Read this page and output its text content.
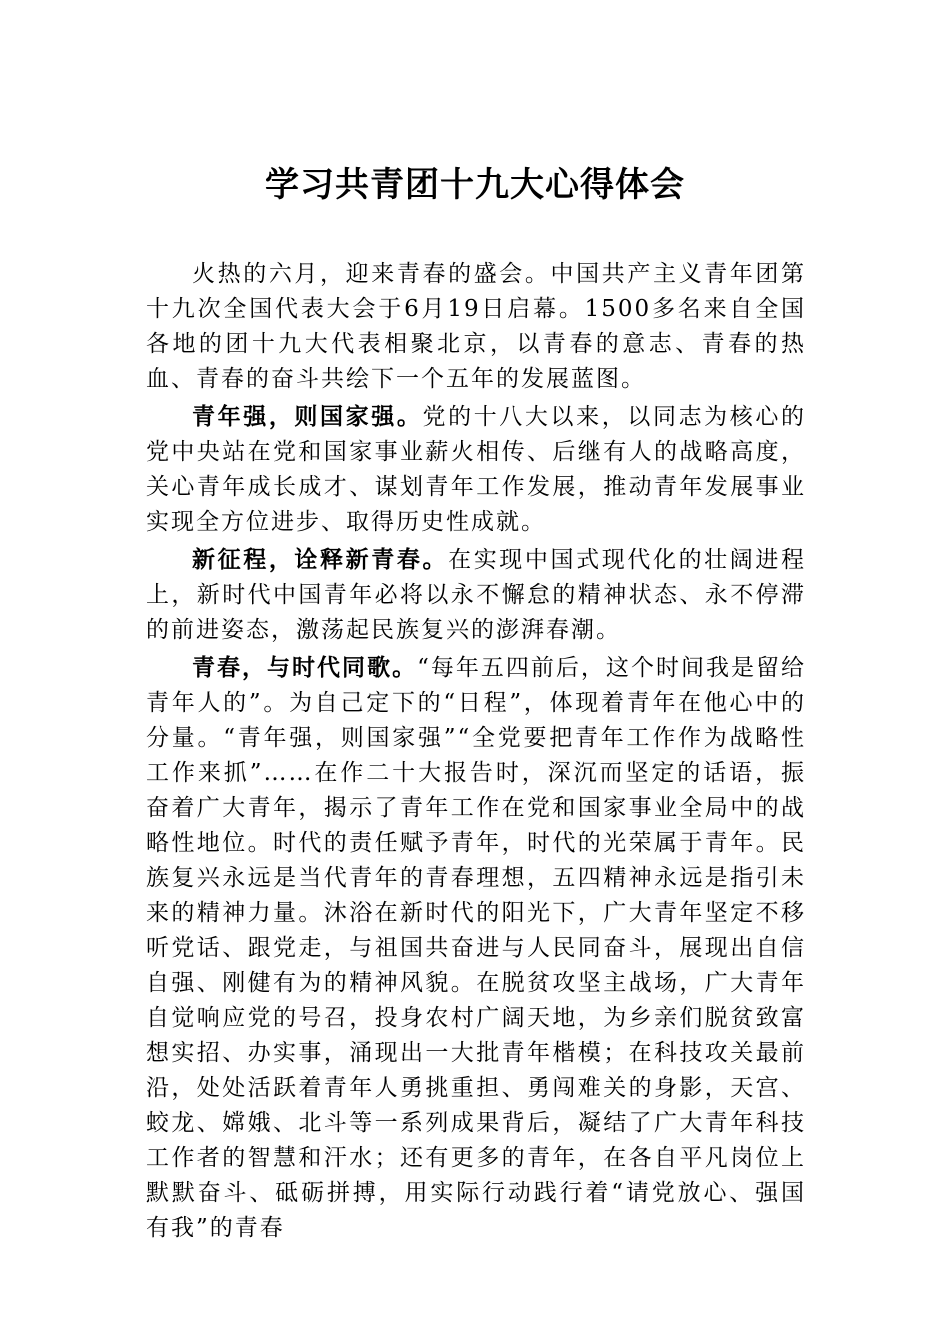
学习共青团十九大心得体会

火热的六月，迎来青春的盛会。中国共产主义青年团第十九次全国代表大会于6月19日启幕。1500多名来自全国各地的团十九大代表相聚北京，以青春的意志、青春的热血、青春的奋斗共绘下一个五年的发展蓝图。

青年强，则国家强。党的十八大以来，以同志为核心的党中央站在党和国家事业薪火相传、后继有人的战略高度，关心青年成长成才、谋划青年工作发展，推动青年发展事业实现全方位进步、取得历史性成就。

新征程，诠释新青春。在实现中国式现代化的壮阔进程上，新时代中国青年必将以永不懈怠的精神状态、永不停滞的前进姿态，激荡起民族复兴的澎湃春潮。

青春，与时代同歌。“每年五四前后，这个时间我是留给青年人的”。为自己定下的“日程”，体现着青年在他心中的分量。“青年强，则国家强”“全党要把青年工作作为战略性工作来抓”……在作二十大报告时，深沉而坚定的话语，振奋着广大青年，揭示了青年工作在党和国家事业全局中的战略性地位。时代的责任赋予青年，时代的光荣属于青年。民族复兴永远是当代青年的青春理想，五四精神永远是指引未来的精神力量。沐浴在新时代的阳光下，广大青年坚定不移听党话、跟党走，与祖国共奋进与人民同奋斗，展现出自信自强、刚健有为的精神风貌。在脱贫攻坚主战场，广大青年自觉响应党的号召，投身农村广阔天地，为乡亲们脱贫致富想实招、办实事，涌现出一大批青年楷模；在科技攻关最前沿，处处活跃着青年人勇挑重担、勇闯难关的身影，天宫、蛟龙、嫦娥、北斗等一系列成果背后，凝结了广大青年科技工作者的智慧和汗水；还有更多的青年，在各自平凡岗位上默默奋斗、砥砺拼搏，用实际行动践行着“请党放心、强国有我”的青春
